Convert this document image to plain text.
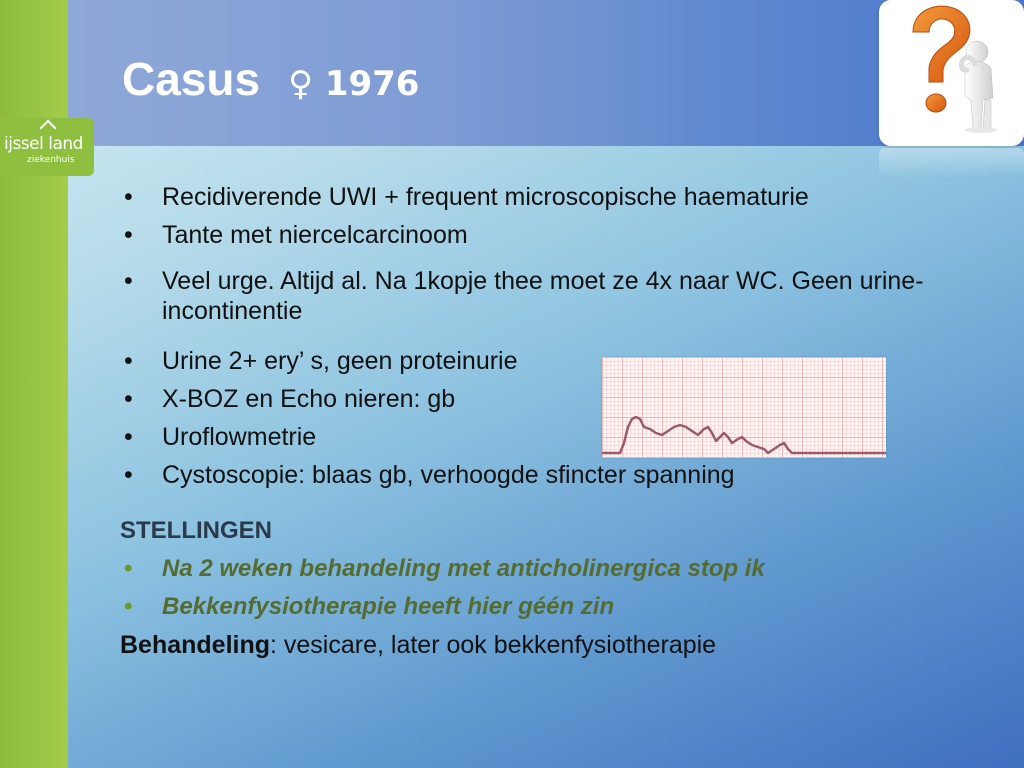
ijssel land
ziekenhuis
Casus ♀ 1976
• Recidiverende UWI + frequent microscopische haematurie
• Tante met niercelcarcinoom
• Veel urge. Altijd al. Na 1kopje thee moet ze 4x naar WC. Geen urine-incontinentie
• Urine 2+ ery’ s, geen proteinurie
• X-BOZ en Echo nieren: gb
• Uroflowmetrie
• Cystoscopie: blaas gb, verhoogde sfincter spanning
STELLINGEN
• Na 2 weken behandeling met anticholinergica stop ik
• Bekkenfysiotherapie heeft hier géén zin
Behandeling: vesicare, later ook bekkenfysiotherapie
